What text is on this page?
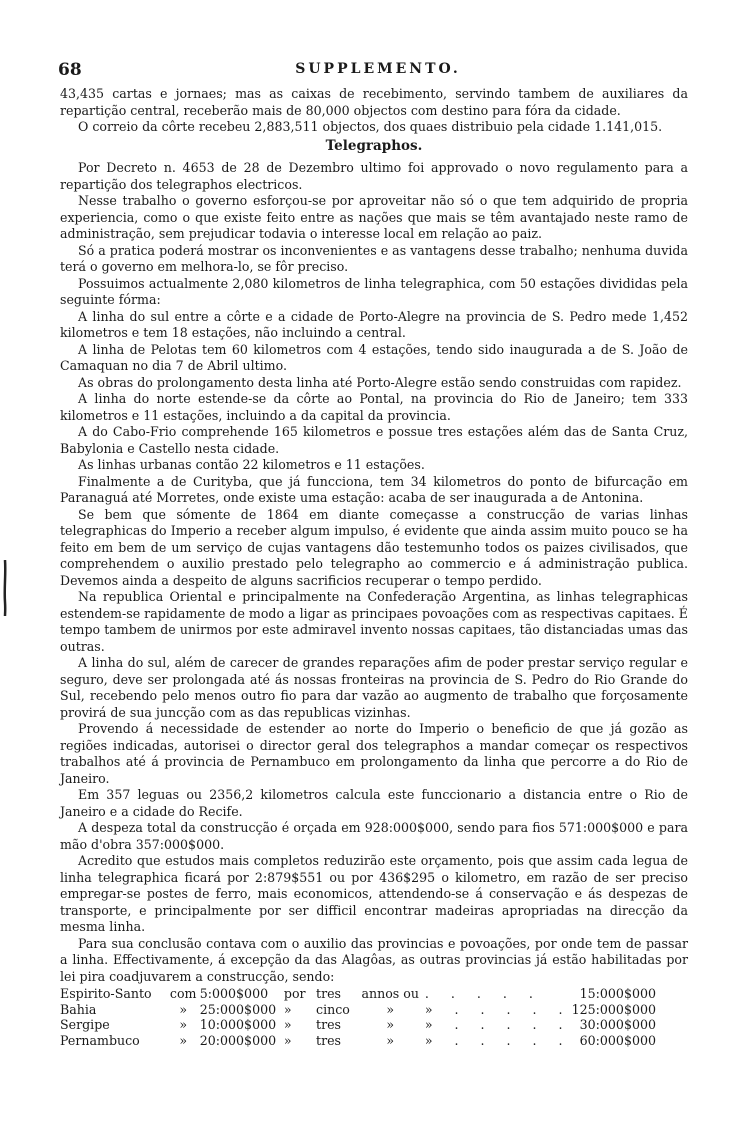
68	SUPPLEMENTO.

43,435 cartas e jornaes; mas as caixas de recebimento, servindo tambem de auxiliares da repartição central, receberão mais de 80,000 objectos com destino para fóra da cidade.

O correio da côrte recebeu 2,883,511 objectos, dos quaes distribuio pela cidade 1.141,015.

Telegraphos.

Por Decreto n. 4653 de 28 de Dezembro ultimo foi approvado o novo regulamento para a repartição dos telegraphos electricos.

Nesse trabalho o governo esforçou-se por aproveitar não só o que tem adquirido de propria experiencia, como o que existe feito entre as nações que mais se têm avantajado neste ramo de administração, sem prejudicar todavia o interesse local em relação ao paiz.

Só a pratica poderá mostrar os inconvenientes e as vantagens desse trabalho; nenhuma duvida terá o governo em melhora-lo, se fôr preciso.

Possuimos actualmente 2,080 kilometros de linha telegraphica, com 50 estações divididas pela seguinte fórma:

A linha do sul entre a côrte e a cidade de Porto-Alegre na provincia de S. Pedro mede 1,452 kilometros e tem 18 estações, não incluindo a central.

A linha de Pelotas tem 60 kilometros com 4 estações, tendo sido inaugurada a de S. João de Camaquan no dia 7 de Abril ultimo.

As obras do prolongamento desta linha até Porto-Alegre estão sendo construidas com rapidez.

A linha do norte estende-se da côrte ao Pontal, na provincia do Rio de Janeiro; tem 333 kilometros e 11 estações, incluindo a da capital da provincia.

A do Cabo-Frio comprehende 165 kilometros e possue tres estações além das de Santa Cruz, Babylonia e Castello nesta cidade.

As linhas urbanas contão 22 kilometros e 11 estações.

Finalmente a de Curityba, que já funcciona, tem 34 kilometros do ponto de bifurcação em Paranaguá até Morretes, onde existe uma estação: acaba de ser inaugurada a de Antonina.

Se bem que sómente de 1864 em diante começasse a construcção de varias linhas telegraphicas do Imperio a receber algum impulso, é evidente que ainda assim muito pouco se ha feito em bem de um serviço de cujas vantagens dão testemunho todos os paizes civilisados, que comprehendem o auxilio prestado pelo telegrapho ao commercio e á administração publica. Devemos ainda a despeito de alguns sacrificios recuperar o tempo perdido.

Na republica Oriental e principalmente na Confederação Argentina, as linhas telegraphicas estendem-se rapidamente de modo a ligar as principaes povoações com as respectivas capitaes. É tempo tambem de unirmos por este admiravel invento nossas capitaes, tão distanciadas umas das outras.

A linha do sul, além de carecer de grandes reparações afim de poder prestar serviço regular e seguro, deve ser prolongada até ás nossas fronteiras na provincia de S. Pedro do Rio Grande do Sul, recebendo pelo menos outro fio para dar vazão ao augmento de trabalho que forçosamente provirá de sua juncção com as das republicas vizinhas.

Provendo á necessidade de estender ao norte do Imperio o beneficio de que já gozão as regiões indicadas, autorisei o director geral dos telegraphos a mandar começar os respectivos trabalhos até á provincia de Pernambuco em prolongamento da linha que percorre a do Rio de Janeiro.

Em 357 leguas ou 2356,2 kilometros calcula este funccionario a distancia entre o Rio de Janeiro e a cidade do Recife.

A despeza total da construcção é orçada em 928:000$000, sendo para fios 571:000$000 e para mão d'obra 357:000$000.

Acredito que estudos mais completos reduzirão este orçamento, pois que assim cada legua de linha telegraphica ficará por 2:879$551 ou por 436$295 o kilometro, em razão de ser preciso empregar-se postes de ferro, mais economicos, attendendo-se á conservação e ás despezas de transporte, e principalmente por ser difficil encontrar madeiras apropriadas na direcção da mesma linha.

Para sua conclusão contava com o auxilio das provincias e povoações, por onde tem de passar a linha. Effectivamente, á excepção da das Alagôas, as outras provincias já estão habilitadas por lei pira coadjuvarem a construcção, sendo:

Espirito-Santo	com	5:000$000	por	tres	annos ou	. . . . .	15:000$000
Bahia	»	25:000$000	»	cinco	»	» . . . . .	125:000$000
Sergipe	»	10:000$000	»	tres	»	» . . . . .	30:000$000
Pernambuco	»	20:000$000	»	tres	»	» . . . . .	60:000$000
